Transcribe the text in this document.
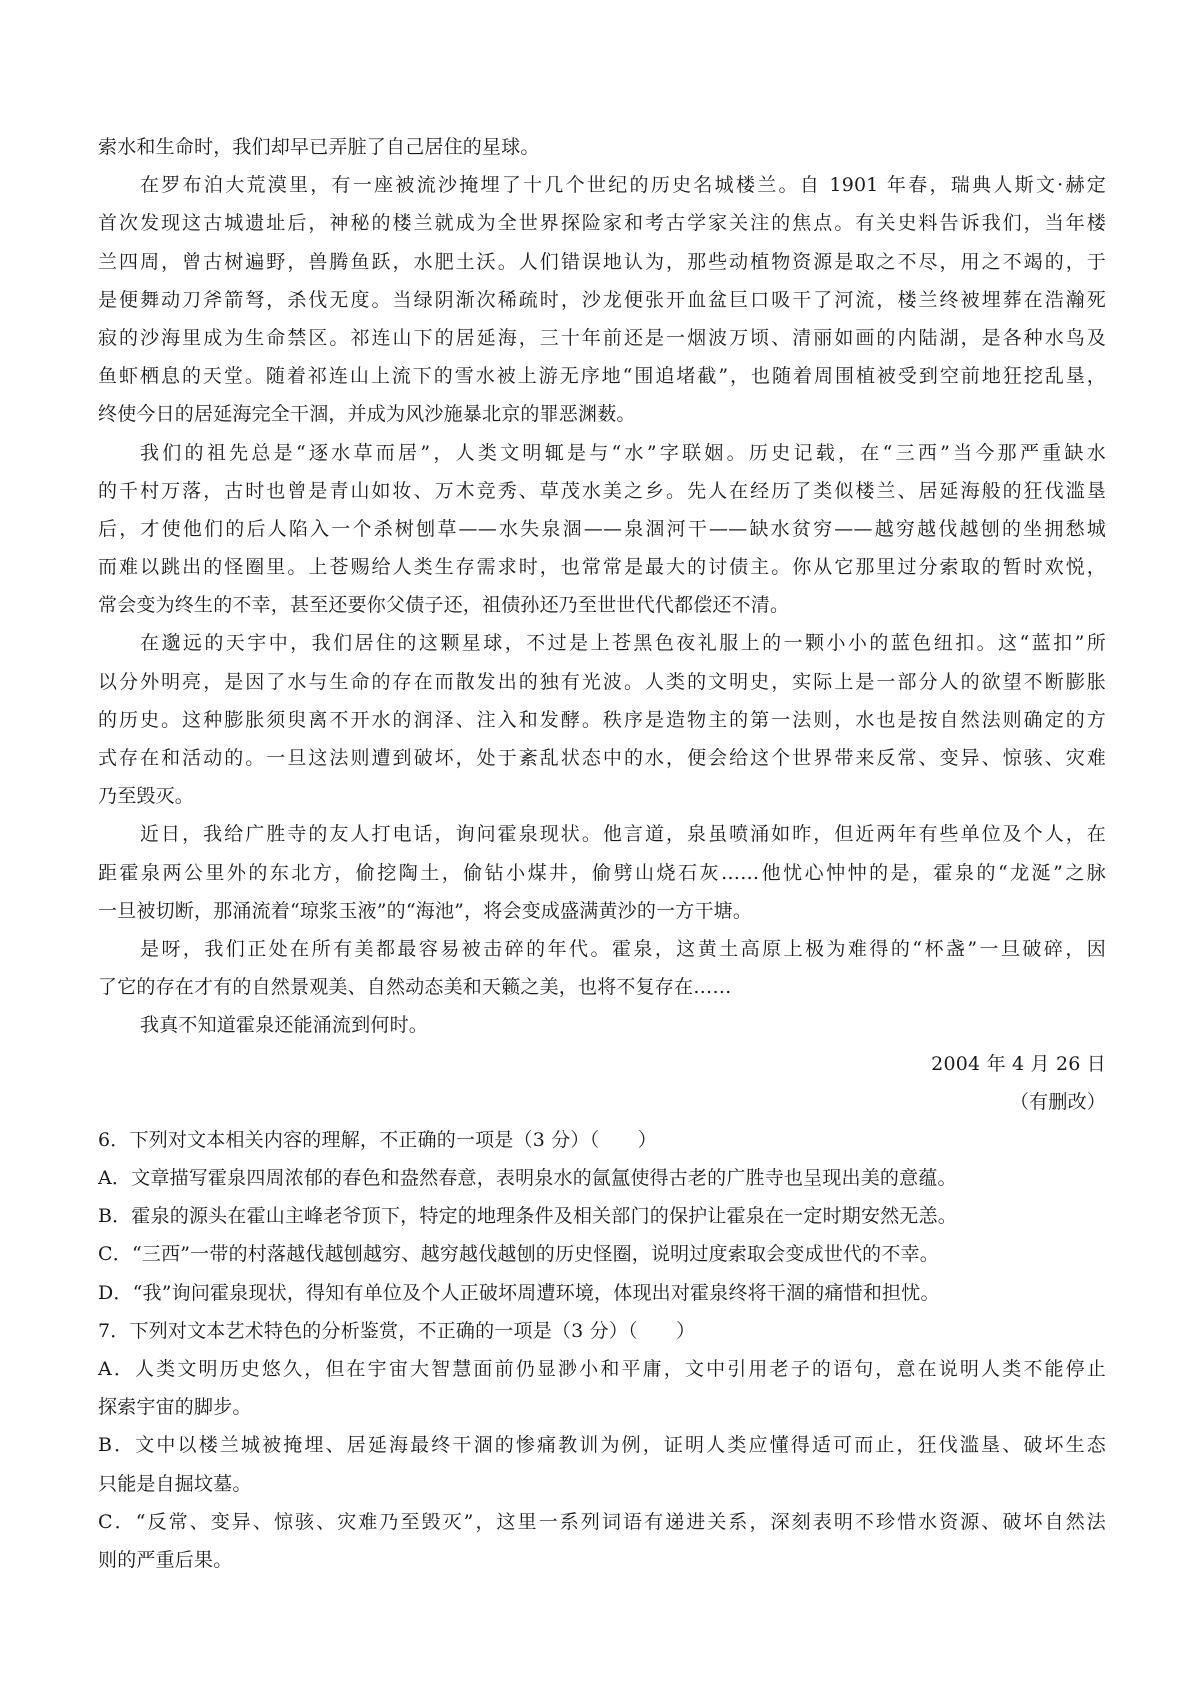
索水和生命时，我们却早已弄脏了自己居住的星球。
在罗布泊大荒漠里，有一座被流沙掩埋了十几个世纪的历史名城楼兰。自 1901 年春，瑞典人斯文·赫定
首次发现这古城遗址后，神秘的楼兰就成为全世界探险家和考古学家关注的焦点。有关史料告诉我们，当年楼
兰四周，曾古树遍野，兽腾鱼跃，水肥土沃。人们错误地认为，那些动植物资源是取之不尽，用之不竭的，于
是便舞动刀斧箭弩，杀伐无度。当绿阴渐次稀疏时，沙龙便张开血盆巨口吸干了河流，楼兰终被埋葬在浩瀚死
寂的沙海里成为生命禁区。祁连山下的居延海，三十年前还是一烟波万顷、清丽如画的内陆湖，是各种水鸟及
鱼虾栖息的天堂。随着祁连山上流下的雪水被上游无序地“围追堵截”，也随着周围植被受到空前地狂挖乱垦，
终使今日的居延海完全干涸，并成为风沙施暴北京的罪恶渊薮。
我们的祖先总是“逐水草而居”，人类文明辄是与“水”字联姻。历史记载，在“三西”当今那严重缺水
的千村万落，古时也曾是青山如妆、万木竞秀、草茂水美之乡。先人在经历了类似楼兰、居延海般的狂伐滥垦
后，才使他们的后人陷入一个杀树刨草——水失泉涸——泉涸河干——缺水贫穷——越穷越伐越刨的坐拥愁城
而难以跳出的怪圈里。上苍赐给人类生存需求时，也常常是最大的讨债主。你从它那里过分索取的暂时欢悦，
常会变为终生的不幸，甚至还要你父债子还，祖债孙还乃至世世代代都偿还不清。
在邈远的天宇中，我们居住的这颗星球，不过是上苍黑色夜礼服上的一颗小小的蓝色纽扣。这“蓝扣”所
以分外明亮，是因了水与生命的存在而散发出的独有光波。人类的文明史，实际上是一部分人的欲望不断膨胀
的历史。这种膨胀须臾离不开水的润泽、注入和发酵。秩序是造物主的第一法则，水也是按自然法则确定的方
式存在和活动的。一旦这法则遭到破坏，处于紊乱状态中的水，便会给这个世界带来反常、变异、惊骇、灾难
乃至毁灭。
近日，我给广胜寺的友人打电话，询问霍泉现状。他言道，泉虽喷涌如昨，但近两年有些单位及个人，在
距霍泉两公里外的东北方，偷挖陶土，偷钻小煤井，偷劈山烧石灰……他忧心忡忡的是，霍泉的“龙涎”之脉
一旦被切断，那涌流着“琼浆玉液”的“海池”，将会变成盛满黄沙的一方干塘。
是呀，我们正处在所有美都最容易被击碎的年代。霍泉，这黄土高原上极为难得的“杯盏”一旦破碎，因
了它的存在才有的自然景观美、自然动态美和天籁之美，也将不复存在……
我真不知道霍泉还能涌流到何时。
2004 年 4 月 26 日
（有删改）
6．下列对文本相关内容的理解，不正确的一项是（3 分）（　　）
A．文章描写霍泉四周浓郁的春色和盎然春意，表明泉水的氤氲使得古老的广胜寺也呈现出美的意蕴。
B．霍泉的源头在霍山主峰老爷顶下，特定的地理条件及相关部门的保护让霍泉在一定时期安然无恙。
C．“三西”一带的村落越伐越刨越穷、越穷越伐越刨的历史怪圈，说明过度索取会变成世代的不幸。
D．“我”询问霍泉现状，得知有单位及个人正破坏周遭环境，体现出对霍泉终将干涸的痛惜和担忧。
7．下列对文本艺术特色的分析鉴赏，不正确的一项是（3 分）（　　）
A．人类文明历史悠久，但在宇宙大智慧面前仍显渺小和平庸，文中引用老子的语句，意在说明人类不能停止
探索宇宙的脚步。
B．文中以楼兰城被掩埋、居延海最终干涸的惨痛教训为例，证明人类应懂得适可而止，狂伐滥垦、破坏生态
只能是自掘坟墓。
C．“反常、变异、惊骇、灾难乃至毁灭”，这里一系列词语有递进关系，深刻表明不珍惜水资源、破坏自然法
则的严重后果。
